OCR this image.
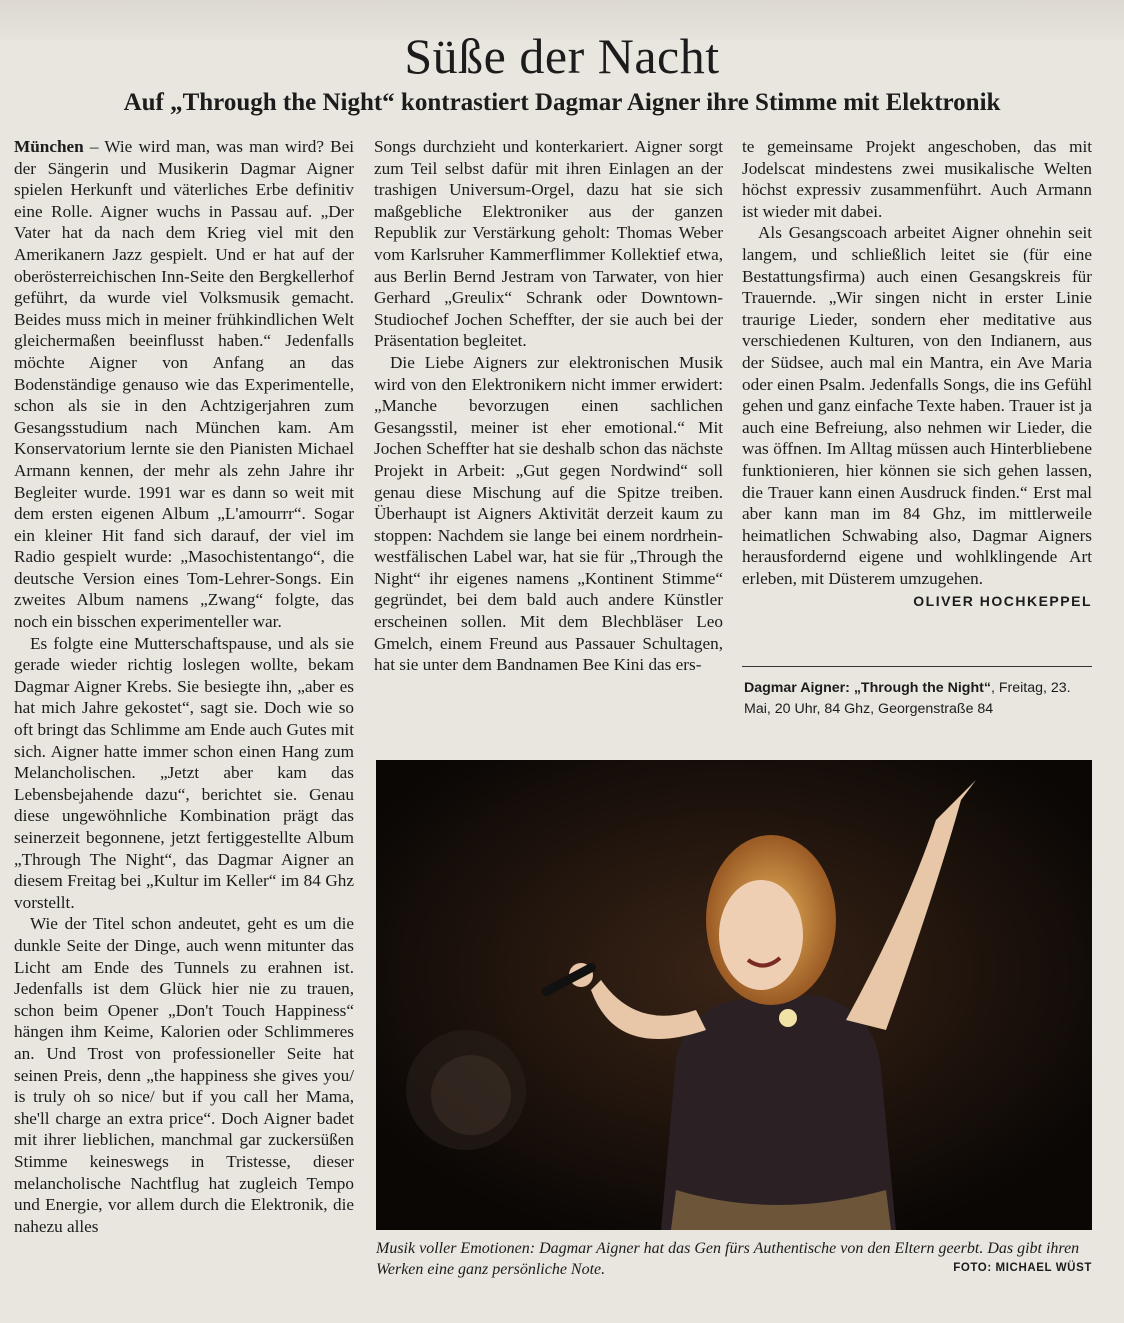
Süße der Nacht
Auf „Through the Night“ kontrastiert Dagmar Aigner ihre Stimme mit Elektronik

München – Wie wird man, was man wird? Bei der Sängerin und Musikerin Dagmar Aigner spielen Herkunft und väterliches Erbe definitiv eine Rolle. Aigner wuchs in Passau auf. „Der Vater hat da nach dem Krieg viel mit den Amerikanern Jazz gespielt. Und er hat auf der oberösterreichischen Inn-Seite den Bergkellerhof geführt, da wurde viel Volksmusik gemacht. Beides muss mich in meiner frühkindlichen Welt gleichermaßen beeinflusst haben.“ Jedenfalls möchte Aigner von Anfang an das Bodenständige genauso wie das Experimentelle, schon als sie in den Achtzigerjahren zum Gesangsstudium nach München kam. Am Konservatorium lernte sie den Pianisten Michael Armann kennen, der mehr als zehn Jahre ihr Begleiter wurde. 1991 war es dann so weit mit dem ersten eigenen Album „L'amourrr“. Sogar ein kleiner Hit fand sich darauf, der viel im Radio gespielt wurde: „Masochistentango“, die deutsche Version eines Tom-Lehrer-Songs. Ein zweites Album namens „Zwang“ folgte, das noch ein bisschen experimenteller war.

Es folgte eine Mutterschaftspause, und als sie gerade wieder richtig loslegen wollte, bekam Dagmar Aigner Krebs. Sie besiegte ihn, „aber es hat mich Jahre gekostet“, sagt sie. Doch wie so oft bringt das Schlimme am Ende auch Gutes mit sich. Aigner hatte immer schon einen Hang zum Melancholischen. „Jetzt aber kam das Lebensbejahende dazu“, berichtet sie. Genau diese ungewöhnliche Kombination prägt das seinerzeit begonnene, jetzt fertiggestellte Album „Through The Night“, das Dagmar Aigner an diesem Freitag bei „Kultur im Keller“ im 84 Ghz vorstellt.

Wie der Titel schon andeutet, geht es um die dunkle Seite der Dinge, auch wenn mitunter das Licht am Ende des Tunnels zu erahnen ist. Jedenfalls ist dem Glück hier nie zu trauen, schon beim Opener „Don't Touch Happiness“ hängen ihm Keime, Kalorien oder Schlimmeres an. Und Trost von professioneller Seite hat seinen Preis, denn „the happiness she gives you/ is truly oh so nice/ but if you call her Mama, she'll charge an extra price“. Doch Aigner badet mit ihrer lieblichen, manchmal gar zuckersüßen Stimme keineswegs in Tristesse, dieser melancholische Nachtflug hat zugleich Tempo und Energie, vor allem durch die Elektronik, die nahezu alles

Songs durchzieht und konterkariert. Aigner sorgt zum Teil selbst dafür mit ihren Einlagen an der trashigen Universum-Orgel, dazu hat sie sich maßgebliche Elektroniker aus der ganzen Republik zur Verstärkung geholt: Thomas Weber vom Karlsruher Kammerflimmer Kollektief etwa, aus Berlin Bernd Jestram von Tarwater, von hier Gerhard „Greulix“ Schrank oder Downtown-Studiochef Jochen Scheffter, der sie auch bei der Präsentation begleitet.

Die Liebe Aigners zur elektronischen Musik wird von den Elektronikern nicht immer erwidert: „Manche bevorzugen einen sachlichen Gesangsstil, meiner ist eher emotional.“ Mit Jochen Scheffter hat sie deshalb schon das nächste Projekt in Arbeit: „Gut gegen Nordwind“ soll genau diese Mischung auf die Spitze treiben. Überhaupt ist Aigners Aktivität derzeit kaum zu stoppen: Nachdem sie lange bei einem nordrhein-westfälischen Label war, hat sie für „Through the Night“ ihr eigenes namens „Kontinent Stimme“ gegründet, bei dem bald auch andere Künstler erscheinen sollen. Mit dem Blechbläser Leo Gmelch, einem Freund aus Passauer Schultagen, hat sie unter dem Bandnamen Bee Kini das ers-

te gemeinsame Projekt angeschoben, das mit Jodelscat mindestens zwei musikalische Welten höchst expressiv zusammenführt. Auch Armann ist wieder mit dabei.

Als Gesangscoach arbeitet Aigner ohnehin seit langem, und schließlich leitet sie (für eine Bestattungsfirma) auch einen Gesangskreis für Trauernde. „Wir singen nicht in erster Linie traurige Lieder, sondern eher meditative aus verschiedenen Kulturen, von den Indianern, aus der Südsee, auch mal ein Mantra, ein Ave Maria oder einen Psalm. Jedenfalls Songs, die ins Gefühl gehen und ganz einfache Texte haben. Trauer ist ja auch eine Befreiung, also nehmen wir Lieder, die was öffnen. Im Alltag müssen auch Hinterbliebene funktionieren, hier können sie sich gehen lassen, die Trauer kann einen Ausdruck finden.“ Erst mal aber kann man im 84 Ghz, im mittlerweile heimatlichen Schwabing also, Dagmar Aigners herausfordernd eigene und wohlklingende Art erleben, mit Düsterem umzugehen.
OLIVER HOCHKEPPEL

Dagmar Aigner: „Through the Night“, Freitag, 23. Mai, 20 Uhr, 84 Ghz, Georgenstraße 84
Musik voller Emotionen: Dagmar Aigner hat das Gen fürs Authentische von den Eltern geerbt. Das gibt ihren Werken eine ganz persönliche Note.	FOTO: MICHAEL WÜST
